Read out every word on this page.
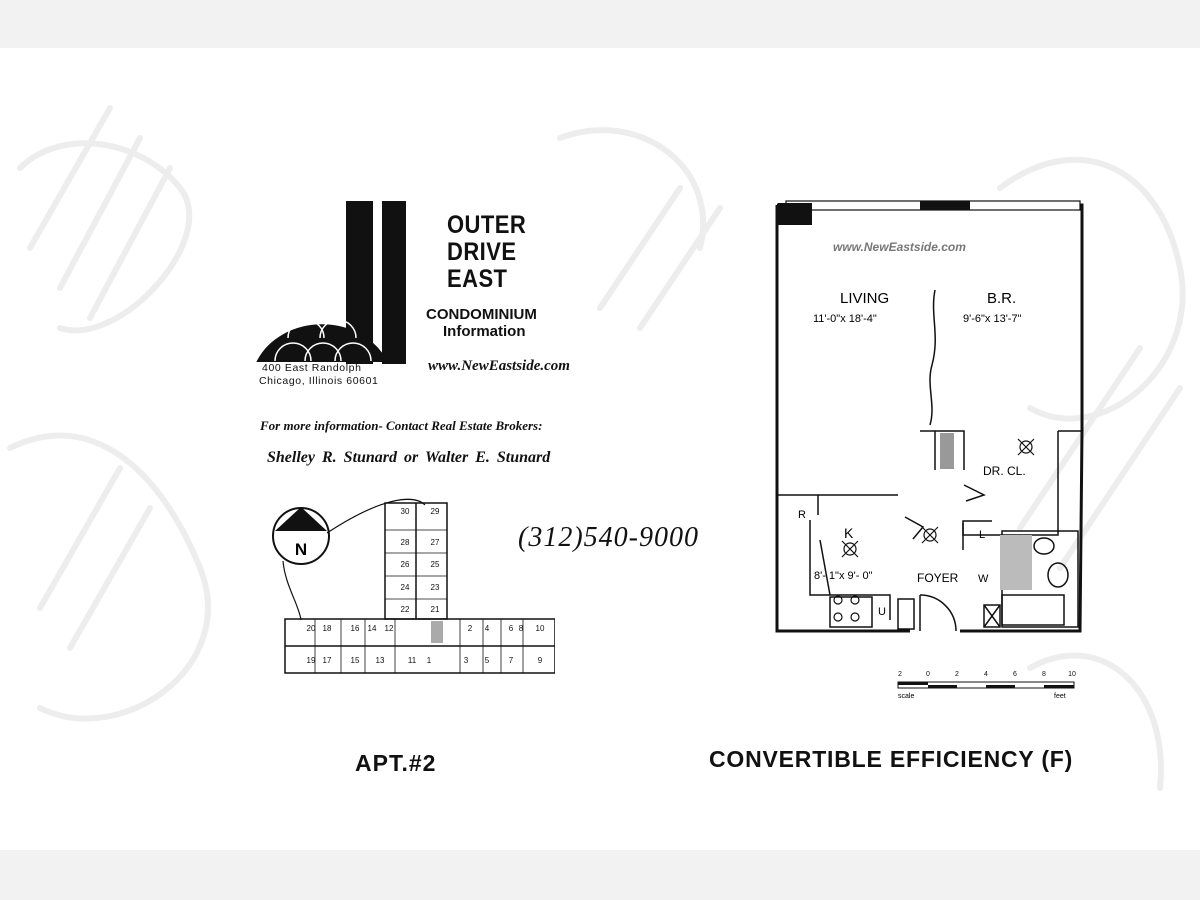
400 East Randolph
Chicago, Illinois 60601
OUTER
DRIVE
EAST
CONDOMINIUM
Information
www.NewEastside.com
For more information- Contact Real Estate Brokers:
Shelley R. Stunard or Walter E. Stunard
(312)540-9000
N
30	29
28	27
26	25
24	23
22	21
20 18 16 14 12	2 4 6 8 10
19 17 15 13	11 1	3 5 7	9
www.NewEastside.com
LIVING
11'-0"x 18'-4"
B.R.
9'-6"x 13'-7"
DR. CL.
K
8'- 1"x 9'- 0"	FOYER
R
L
U
W
2	0	2	4	6	8	10
scale	feet
APT.#2	CONVERTIBLE EFFICIENCY (F)
